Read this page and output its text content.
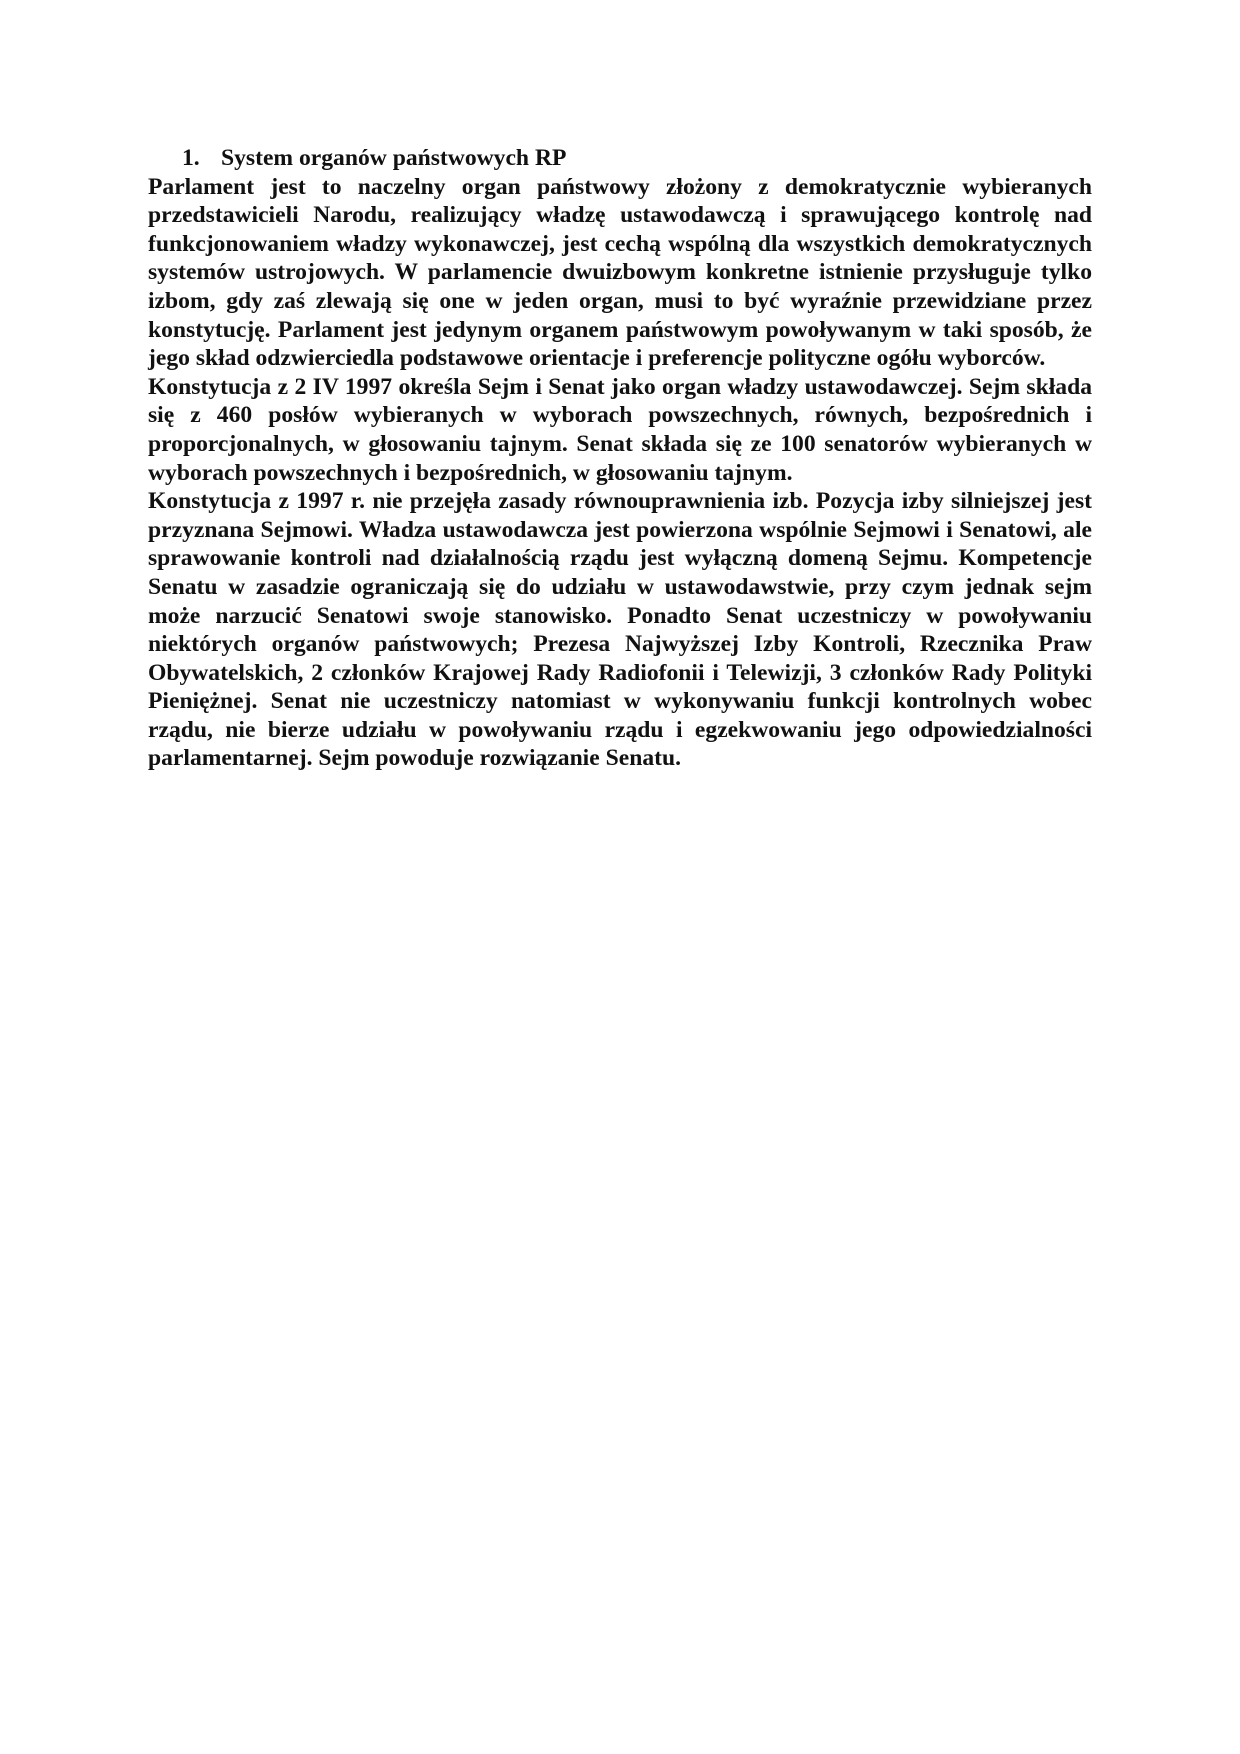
1. System organów państwowych RP

Parlament jest to naczelny organ państwowy złożony z demokratycznie wybieranych przedstawicieli Narodu, realizujący władzę ustawodawczą i sprawującego kontrolę nad funkcjonowaniem władzy wykonawczej, jest cechą wspólną dla wszystkich demokratycznych systemów ustrojowych. W parlamencie dwuizbowym konkretne istnienie przysługuje tylko izbom, gdy zaś zlewają się one w jeden organ, musi to być wyraźnie przewidziane przez konstytucję. Parlament jest jedynym organem państwowym powoływanym w taki sposób, że jego skład odzwierciedla podstawowe orientacje i preferencje polityczne ogółu wyborców.

Konstytucja z 2 IV 1997 określa Sejm i Senat jako organ władzy ustawodawczej. Sejm składa się z 460 posłów wybieranych w wyborach powszechnych, równych, bezpośrednich i proporcjonalnych, w głosowaniu tajnym. Senat składa się ze 100 senatorów wybieranych w wyborach powszechnych i bezpośrednich, w głosowaniu tajnym.

Konstytucja z 1997 r. nie przejęła zasady równouprawnienia izb. Pozycja izby silniejszej jest przyznana Sejmowi. Władza ustawodawcza jest powierzona wspólnie Sejmowi i Senatowi, ale sprawowanie kontroli nad działalnością rządu jest wyłączną domeną Sejmu. Kompetencje Senatu w zasadzie ograniczają się do udziału w ustawodawstwie, przy czym jednak sejm może narzucić Senatowi swoje stanowisko. Ponadto Senat uczestniczy w powoływaniu niektórych organów państwowych; Prezesa Najwyższej Izby Kontroli, Rzecznika Praw Obywatelskich, 2 członków Krajowej Rady Radiofonii i Telewizji, 3 członków Rady Polityki Pieniężnej. Senat nie uczestniczy natomiast w wykonywaniu funkcji kontrolnych wobec rządu, nie bierze udziału w powoływaniu rządu i egzekwowaniu jego odpowiedzialności parlamentarnej. Sejm powoduje rozwiązanie Senatu.
